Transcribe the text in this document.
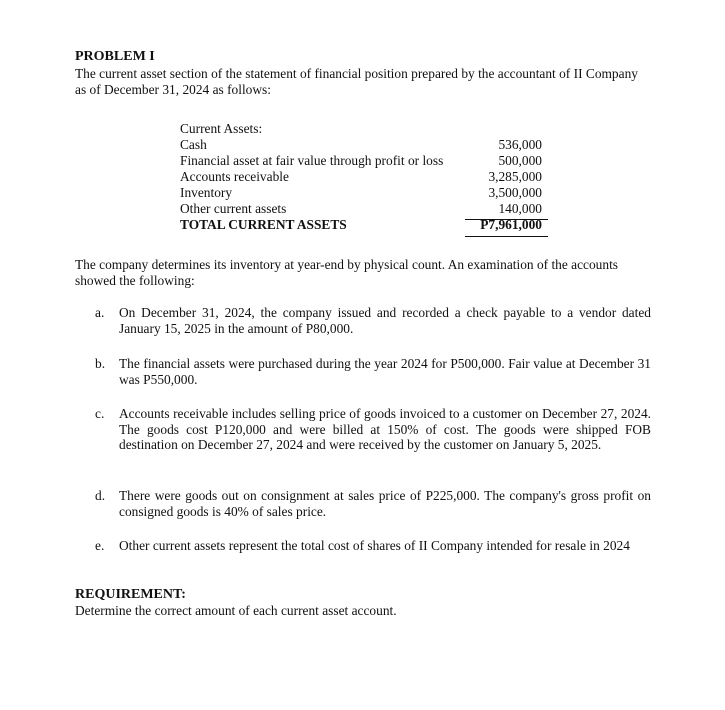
PROBLEM I
The current asset section of the statement of financial position prepared by the accountant of II Company as of December 31, 2024 as follows:
Current Assets:
Cash	536,000
Financial asset at fair value through profit or loss	500,000
Accounts receivable	3,285,000
Inventory	3,500,000
Other current assets	140,000
TOTAL CURRENT ASSETS	P7,961,000
The company determines its inventory at year-end by physical count. An examination of the accounts showed the following:
a.	On December 31, 2024, the company issued and recorded a check payable to a vendor dated January 15, 2025 in the amount of P80,000.
b.	The financial assets were purchased during the year 2024 for P500,000. Fair value at December 31 was P550,000.
c.	Accounts receivable includes selling price of goods invoiced to a customer on December 27, 2024. The goods cost P120,000 and were billed at 150% of cost. The goods were shipped FOB destination on December 27, 2024 and were received by the customer on January 5, 2025.
d.	There were goods out on consignment at sales price of P225,000. The company's gross profit on consigned goods is 40% of sales price.
e.	Other current assets represent the total cost of shares of II Company intended for resale in 2024
REQUIREMENT:
Determine the correct amount of each current asset account.
